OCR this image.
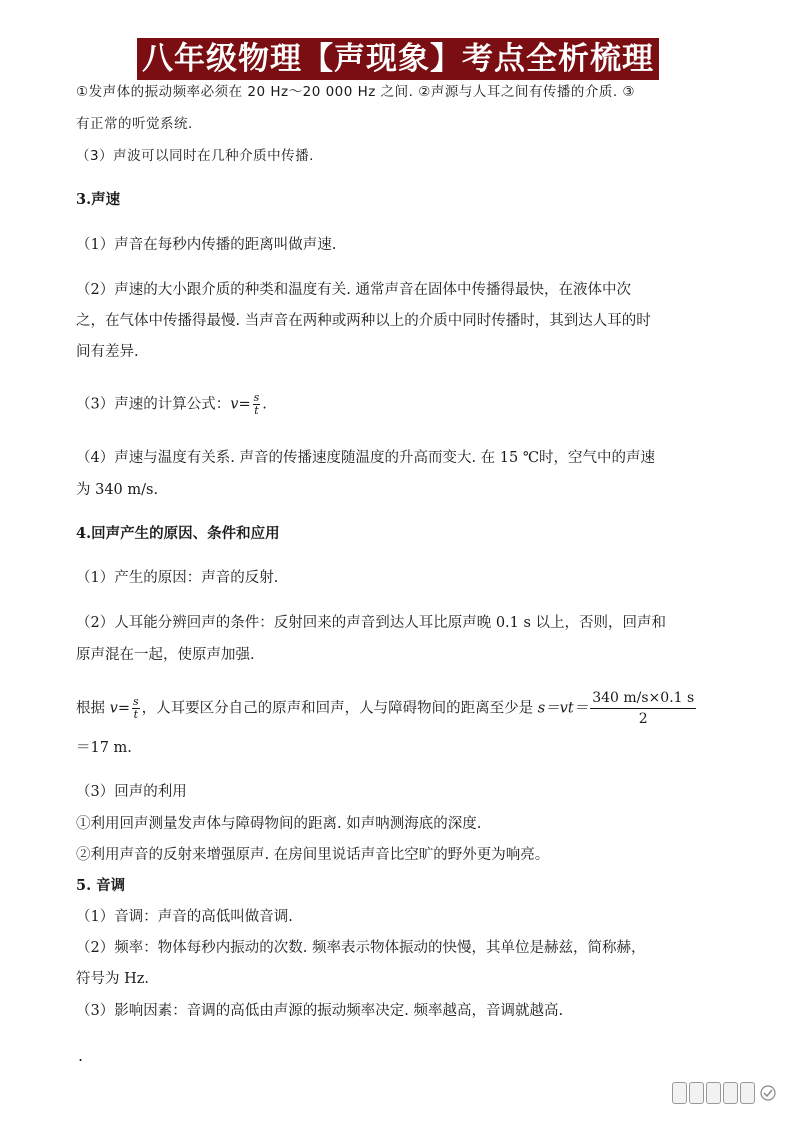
八年级物理【声现象】考点全析梳理
①发声体的振动频率必须在 20 Hz～20 000 Hz 之间. ②声源与人耳之间有传播的介质. ③
有正常的听觉系统.
（3）声波可以同时在几种介质中传播.
3.声速
（1）声音在每秒内传播的距离叫做声速.
（2）声速的大小跟介质的种类和温度有关. 通常声音在固体中传播得最快，在液体中次
之，在气体中传播得最慢. 当声音在两种或两种以上的介质中同时传播时，其到达人耳的时
间有差异.
（3）声速的计算公式：$v= \frac{s}{t}$ .
（4）声速与温度有关系. 声音的传播速度随温度的升高而变大. 在 15 ℃时，空气中的声速
为 340 m/s.
4.回声产生的原因、条件和应用
（1）产生的原因：声音的反射.
（2）人耳能分辨回声的条件：反射回来的声音到达人耳比原声晚 0.1 s 以上，否则，回声和
原声混在一起，使原声加强.
根据 $v= \frac{s}{t}$ ，人耳要区分自己的原声和回声，人与障碍物间的距离至少是 $s=vt= \frac{340 m/s\times 0.1 s}{2}$
＝17 m.
（3）回声的利用
①利用回声测量发声体与障碍物间的距离. 如声呐测海底的深度.
②利用声音的反射来增强原声. 在房间里说话声音比空旷的野外更为响亮。
5. 音调
（1）音调：声音的高低叫做音调.
（2）频率：物体每秒内振动的次数. 频率表示物体振动的快慢，其单位是赫兹，简称赫，
符号为 Hz.
（3）影响因素：音调的高低由声源的振动频率决定. 频率越高，音调就越高.
.
